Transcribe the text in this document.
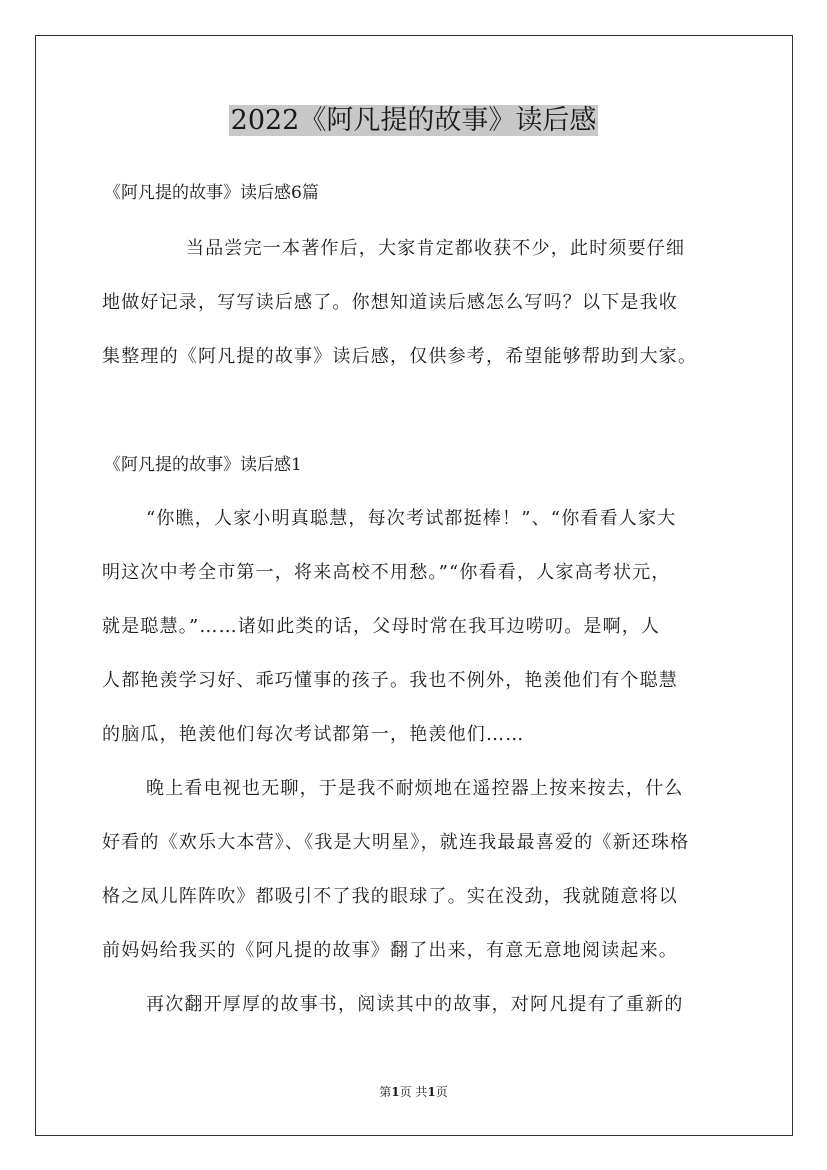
2022《阿凡提的故事》读后感
《阿凡提的故事》读后感6篇
当品尝完一本著作后，大家肯定都收获不少，此时须要仔细
地做好记录，写写读后感了。你想知道读后感怎么写吗？以下是我收
集整理的《阿凡提的故事》读后感，仅供参考，希望能够帮助到大家。
《阿凡提的故事》读后感1
“你瞧，人家小明真聪慧，每次考试都挺棒！”、“你看看人家大
明这次中考全市第一，将来高校不用愁。”“你看看，人家高考状元，
就是聪慧。”……诸如此类的话，父母时常在我耳边唠叨。是啊，人
人都艳羡学习好、乖巧懂事的孩子。我也不例外，艳羡他们有个聪慧
的脑瓜，艳羡他们每次考试都第一，艳羡他们……
晚上看电视也无聊，于是我不耐烦地在遥控器上按来按去，什么
好看的《欢乐大本营》、《我是大明星》，就连我最最喜爱的《新还珠格
格之凤儿阵阵吹》都吸引不了我的眼球了。实在没劲，我就随意将以
前妈妈给我买的《阿凡提的故事》翻了出来，有意无意地阅读起来。
再次翻开厚厚的故事书，阅读其中的故事，对阿凡提有了重新的
第1页 共1页
